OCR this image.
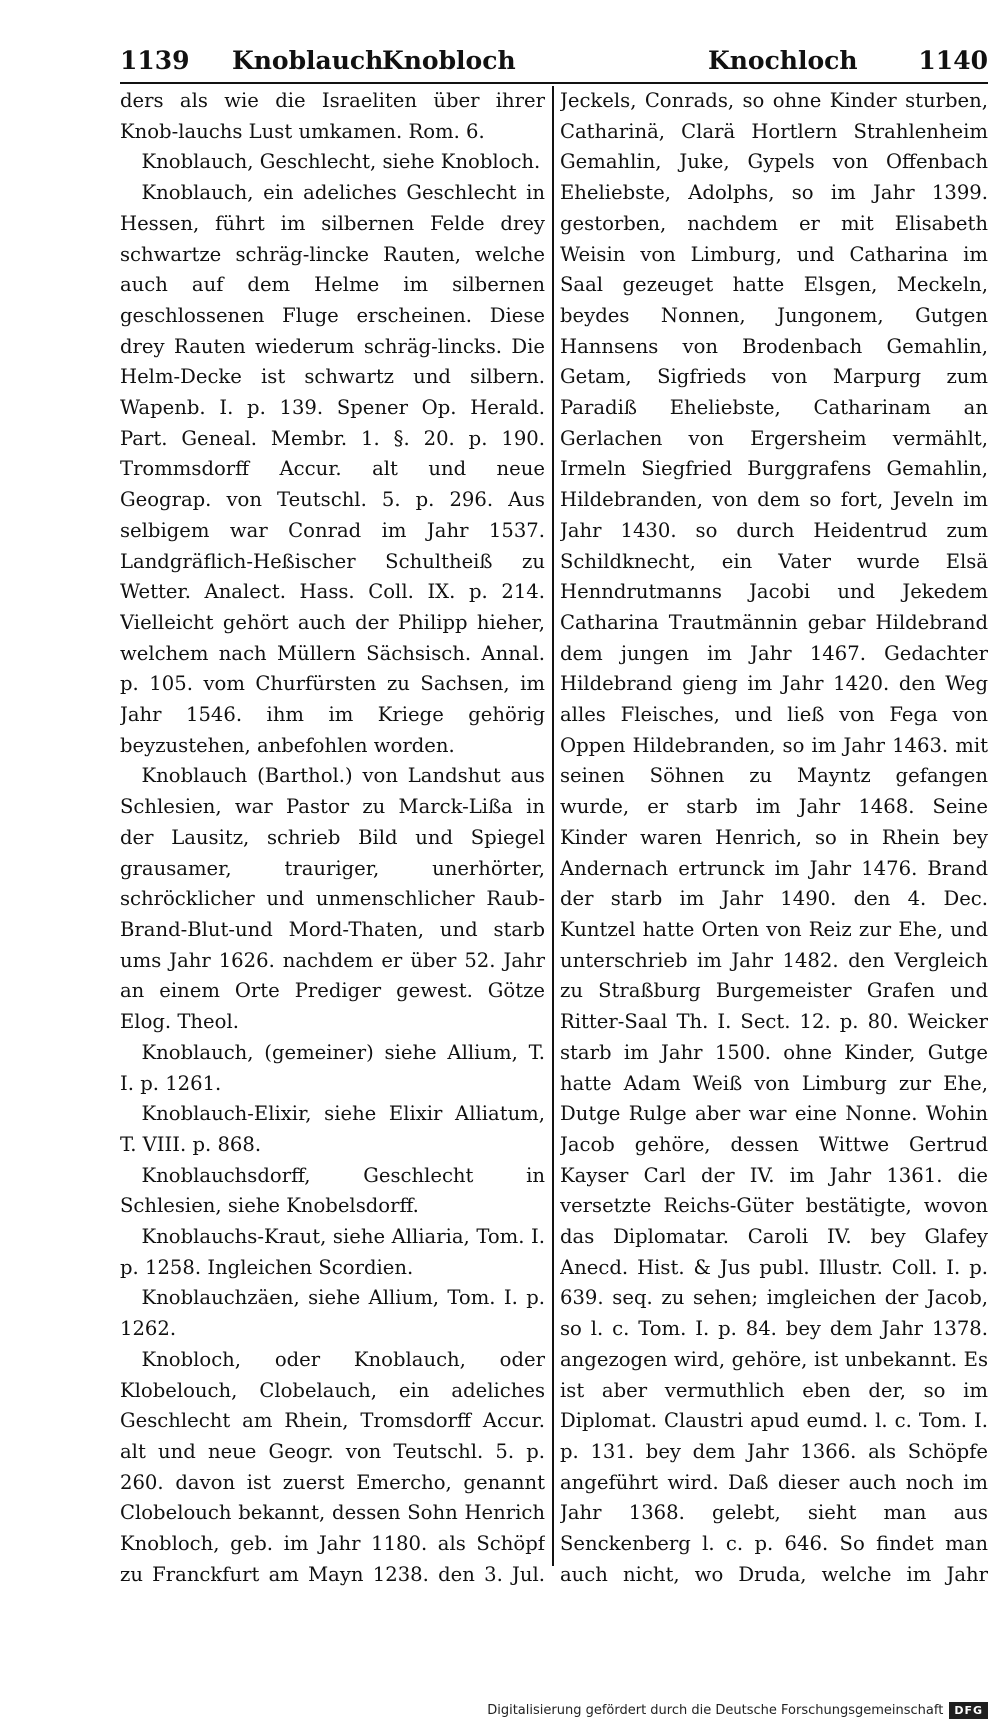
1139 Knoblauch
Knobloch	Knochloch 1140

ders als wie die Israeliten über ihrer Knob-lauchs Lust umkamen. Rom. 6.

Knoblauch, Geschlecht, siehe Knobloch.

Knoblauch, ein adeliches Geschlecht in Hessen, führt im silbernen Felde drey schwartze schräg-lincke Rauten, welche auch auf dem Helme im silbernen geschlossenen Fluge erscheinen. Diese drey Rauten wiederum schräg-lincks. Die Helm-Decke ist schwartz und silbern. Wapenb. I. p. 139. Spener Op. Herald. Part. Geneal. Membr. 1. §. 20. p. 190. Trommsdorff Accur. alt und neue Geograp. von Teutschl. 5. p. 296. Aus selbigem war Conrad im Jahr 1537. Landgräflich-Heßischer Schultheiß zu Wetter. Analect. Hass. Coll. IX. p. 214. Vielleicht gehört auch der Philipp hieher, welchem nach Müllern Sächsisch. Annal. p. 105. vom Churfürsten zu Sachsen, im Jahr 1546. ihm im Kriege gehörig beyzustehen, anbefohlen worden.

Knoblauch (Barthol.) von Landshut aus Schlesien, war Pastor zu Marck-Lißa in der Lausitz, schrieb Bild und Spiegel grausamer, trauriger, unerhörter, schröcklicher und unmenschlicher Raub-Brand-Blut-und Mord-Thaten, und starb ums Jahr 1626. nachdem er über 52. Jahr an einem Orte Prediger gewest. Götze Elog. Theol.

Knoblauch, (gemeiner) siehe Allium, T. I. p. 1261.

Knoblauch-Elixir, siehe Elixir Alliatum, T. VIII. p. 868.

Knoblauchsdorff, Geschlecht in Schlesien, siehe Knobelsdorff.

Knoblauchs-Kraut, siehe Alliaria, Tom. I. p. 1258. Ingleichen Scordien.

Knoblauchzäen, siehe Allium, Tom. I. p. 1262.

Knobloch, oder Knoblauch, oder Klobelouch, Clobelauch, ein adeliches Geschlecht am Rhein, Tromsdorff Accur. alt und neue Geogr. von Teutschl. 5. p. 260. davon ist zuerst Emercho, genannt Clobelouch bekannt, dessen Sohn Henrich Knobloch, geb. im Jahr 1180. als Schöpf zu Franckfurt am Mayn 1238. den 3. Jul.

Jeckels, Conrads, so ohne Kinder sturben, Catharinä, Clarä Hortlern Strahlenheim Gemahlin, Juke, Gypels von Offenbach Eheliebste, Adolphs, so im Jahr 1399. gestorben, nachdem er mit Elisabeth Weisin von Limburg, und Catharina im Saal gezeuget hatte Elsgen, Meckeln, beydes Nonnen, Jungonem, Gutgen Hannsens von Brodenbach Gemahlin, Getam, Sigfrieds von Marpurg zum Paradiß Eheliebste, Catharinam an Gerlachen von Ergersheim vermählt, Irmeln Siegfried Burggrafens Gemahlin, Hildebranden, von dem so fort, Jeveln im Jahr 1430. so durch Heidentrud zum Schildknecht, ein Vater wurde Elsä Henndrutmanns Jacobi und Jekedem Catharina Trautmännin gebar Hildebrand dem jungen im Jahr 1467. Gedachter Hildebrand gieng im Jahr 1420. den Weg alles Fleisches, und ließ von Fega von Oppen Hildebranden, so im Jahr 1463. mit seinen Söhnen zu Mayntz gefangen wurde, er starb im Jahr 1468. Seine Kinder waren Henrich, so in Rhein bey Andernach ertrunck im Jahr 1476. Brand der starb im Jahr 1490. den 4. Dec. Kuntzel hatte Orten von Reiz zur Ehe, und unterschrieb im Jahr 1482. den Vergleich zu Straßburg Burgemeister Grafen und Ritter-Saal Th. I. Sect. 12. p. 80. Weicker starb im Jahr 1500. ohne Kinder, Gutge hatte Adam Weiß von Limburg zur Ehe, Dutge Rulge aber war eine Nonne. Wohin Jacob gehöre, dessen Wittwe Gertrud Kayser Carl der IV. im Jahr 1361. die versetzte Reichs-Güter bestätigte, wovon das Diplomatar. Caroli IV. bey Glafey Anecd. Hist. & Jus publ. Illustr. Coll. I. p. 639. seq. zu sehen; imgleichen der Jacob, so l. c. Tom. I. p. 84. bey dem Jahr 1378. angezogen wird, gehöre, ist unbekannt. Es ist aber vermuthlich eben der, so im Diplomat. Claustri apud eumd. l. c. Tom. I. p. 131. bey dem Jahr 1366. als Schöpfe angeführt wird. Daß dieser auch noch im Jahr 1368. gelebt, sieht man aus Senckenberg l. c. p. 646. So findet man auch nicht, wo Druda, welche im Jahr

Digitalisierung gefördert durch die Deutsche Forschungsgemeinschaft	DFG
